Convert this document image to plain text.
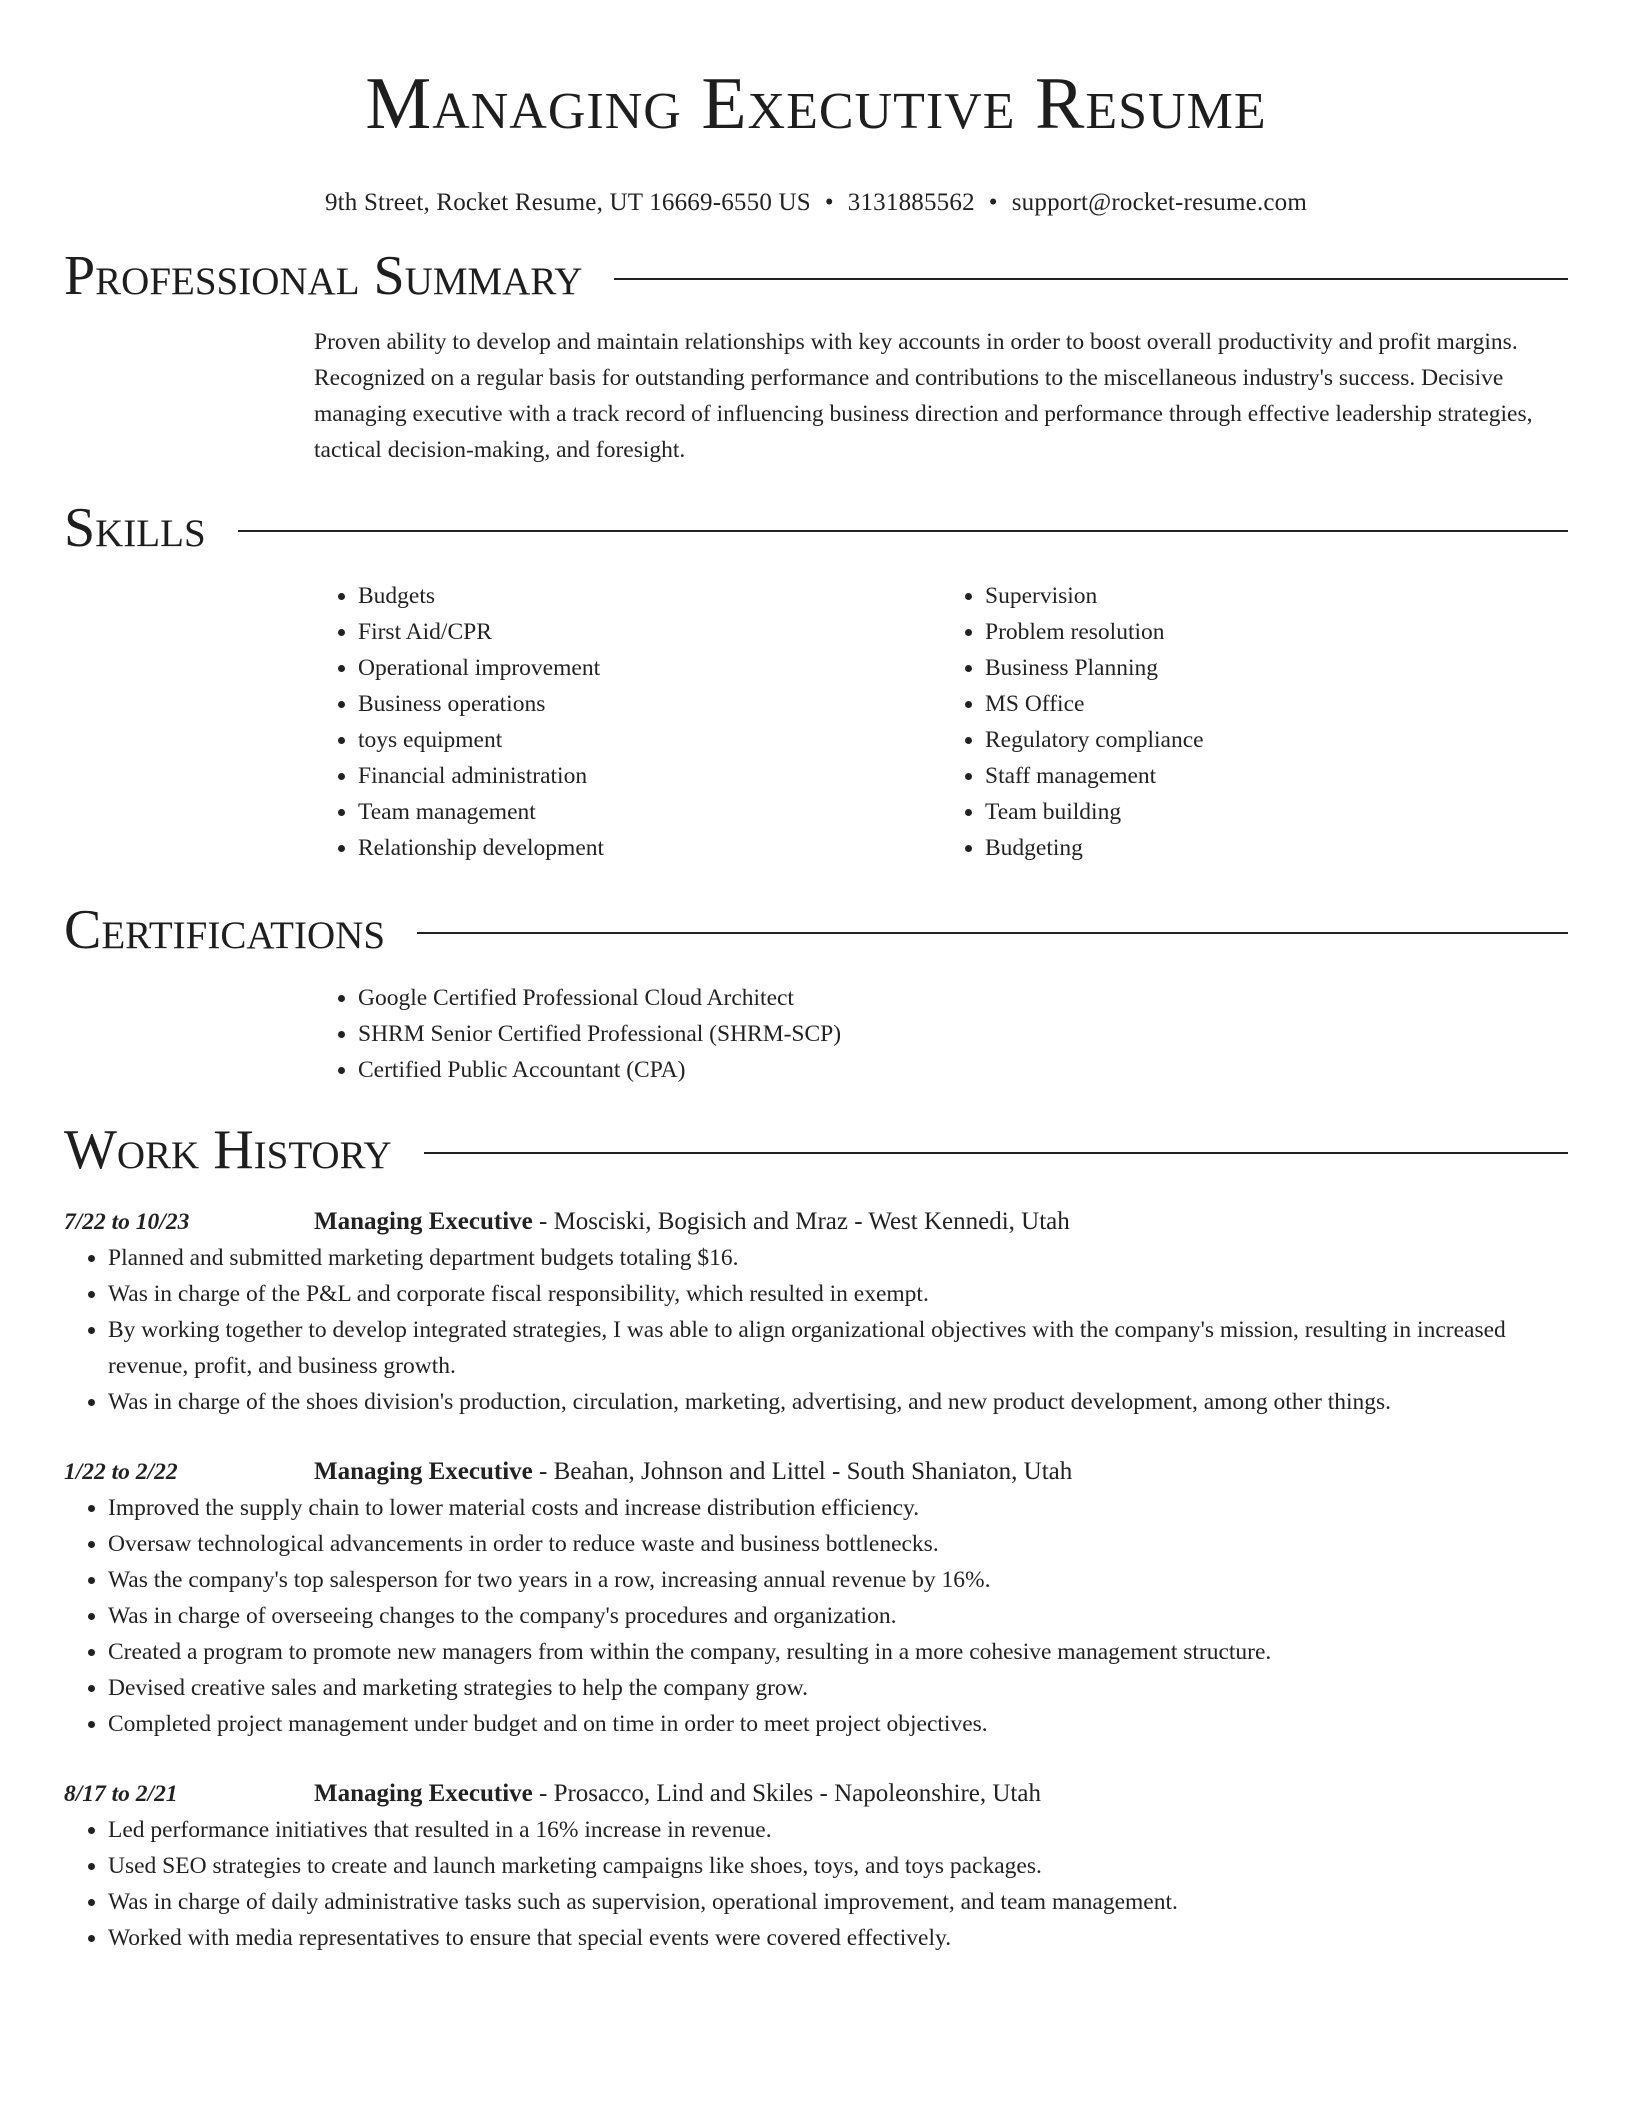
Managing Executive Resume
9th Street, Rocket Resume, UT 16669-6550 US • 3131885562 • support@rocket-resume.com
Professional Summary

Proven ability to develop and maintain relationships with key accounts in order to boost overall productivity and profit margins. Recognized on a regular basis for outstanding performance and contributions to the miscellaneous industry's success. Decisive managing executive with a track record of influencing business direction and performance through effective leadership strategies, tactical decision-making, and foresight.

Skills
• Budgets
• First Aid/CPR
• Operational improvement
• Business operations
• toys equipment
• Financial administration
• Team management
• Relationship development
• Supervision
• Problem resolution
• Business Planning
• MS Office
• Regulatory compliance
• Staff management
• Team building
• Budgeting
Certifications
• Google Certified Professional Cloud Architect
• SHRM Senior Certified Professional (SHRM-SCP)
• Certified Public Accountant (CPA)
Work History
7/22 to 10/23	Managing Executive - Mosciski, Bogisich and Mraz - West Kennedi, Utah
• Planned and submitted marketing department budgets totaling $16.
• Was in charge of the P&L and corporate fiscal responsibility, which resulted in exempt.
• By working together to develop integrated strategies, I was able to align organizational objectives with the company's mission, resulting in increased revenue, profit, and business growth.
• Was in charge of the shoes division's production, circulation, marketing, advertising, and new product development, among other things.
1/22 to 2/22	Managing Executive - Beahan, Johnson and Littel - South Shaniaton, Utah
• Improved the supply chain to lower material costs and increase distribution efficiency.
• Oversaw technological advancements in order to reduce waste and business bottlenecks.
• Was the company's top salesperson for two years in a row, increasing annual revenue by 16%.
• Was in charge of overseeing changes to the company's procedures and organization.
• Created a program to promote new managers from within the company, resulting in a more cohesive management structure.
• Devised creative sales and marketing strategies to help the company grow.
• Completed project management under budget and on time in order to meet project objectives.
8/17 to 2/21	Managing Executive - Prosacco, Lind and Skiles - Napoleonshire, Utah
• Led performance initiatives that resulted in a 16% increase in revenue.
• Used SEO strategies to create and launch marketing campaigns like shoes, toys, and toys packages.
• Was in charge of daily administrative tasks such as supervision, operational improvement, and team management.
• Worked with media representatives to ensure that special events were covered effectively.
